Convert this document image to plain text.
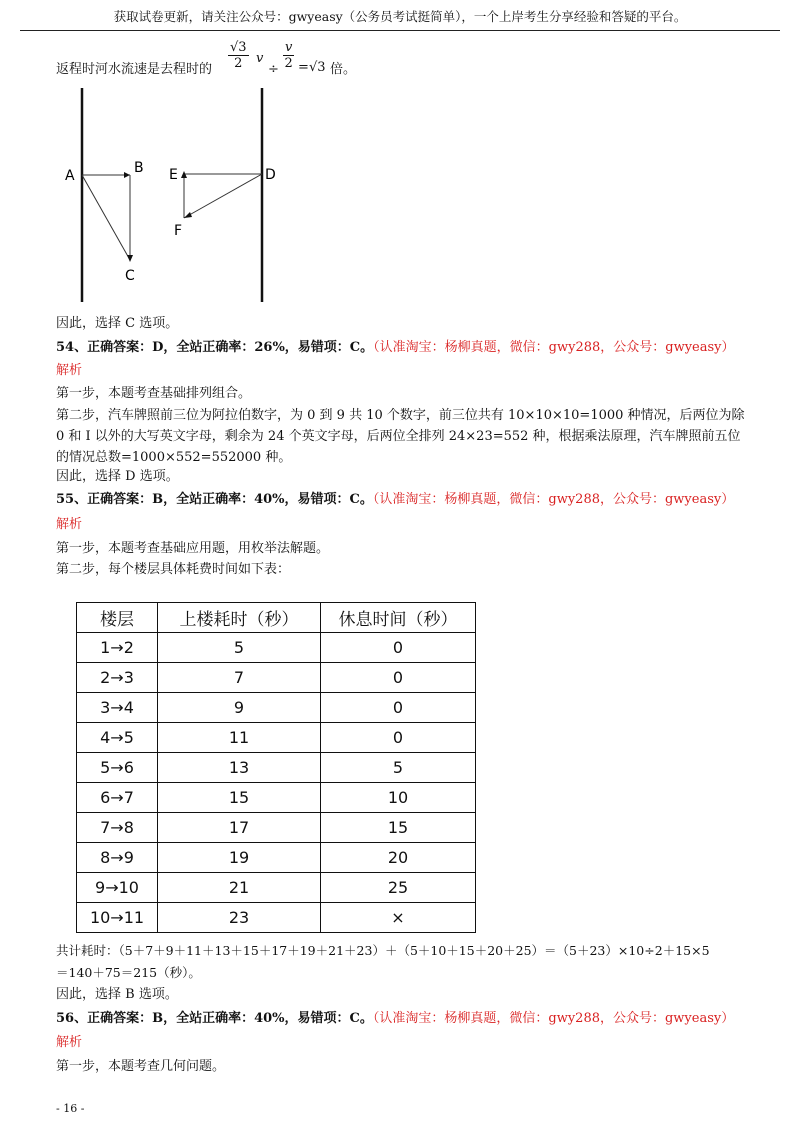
获取试卷更新，请关注公众号：gwyeasy（公务员考试挺简单），一个上岸考生分享经验和答疑的平台。
返程时河水流速是去程时的 $\frac{√3}{2}$ v
÷ $\frac{v}{2} = √3$ 倍。
A	B
C
E	D
F
因此，选择 C 选项。
54、正确答案：D，全站正确率：26%，易错项：C。（认准淘宝：杨柳真题，微信：gwy288，公众号：gwyeasy）
解析
第一步，本题考查基础排列组合。
第二步，汽车牌照前三位为阿拉伯数字，为 0 到 9 共 10 个数字，前三位共有 10×10×10=1000 种情况，后两位为除 0 和 I 以外的大写英文字母，剩余为 24 个英文字母，后两位全排列 24×23=552 种，根据乘法原理，汽车牌照前五位的情况总数=1000×552=552000 种。
因此，选择 D 选项。
55、正确答案：B，全站正确率：40%，易错项：C。（认准淘宝：杨柳真题，微信：gwy288，公众号：gwyeasy）
解析
第一步，本题考查基础应用题，用枚举法解题。
第二步，每个楼层具体耗费时间如下表：
楼层	上楼耗时（秒）	休息时间（秒）
1→2	5	0
2→3	7	0
3→4	9	0
4→5	11	0
5→6	13	5
6→7	15	10
7→8	17	15
8→9	19	20
9→10	21	25
10→11	23	×
共计耗时：（5＋7＋9＋11＋13＋15＋17＋19＋21＋23）＋（5＋10＋15＋20＋25）＝（5＋23）×10÷2＋15×5
＝140＋75＝215（秒）。
因此，选择 B 选项。
56、正确答案：B，全站正确率：40%，易错项：C。（认准淘宝：杨柳真题，微信：gwy288，公众号：gwyeasy）
解析
第一步，本题考查几何问题。
- 16 -
